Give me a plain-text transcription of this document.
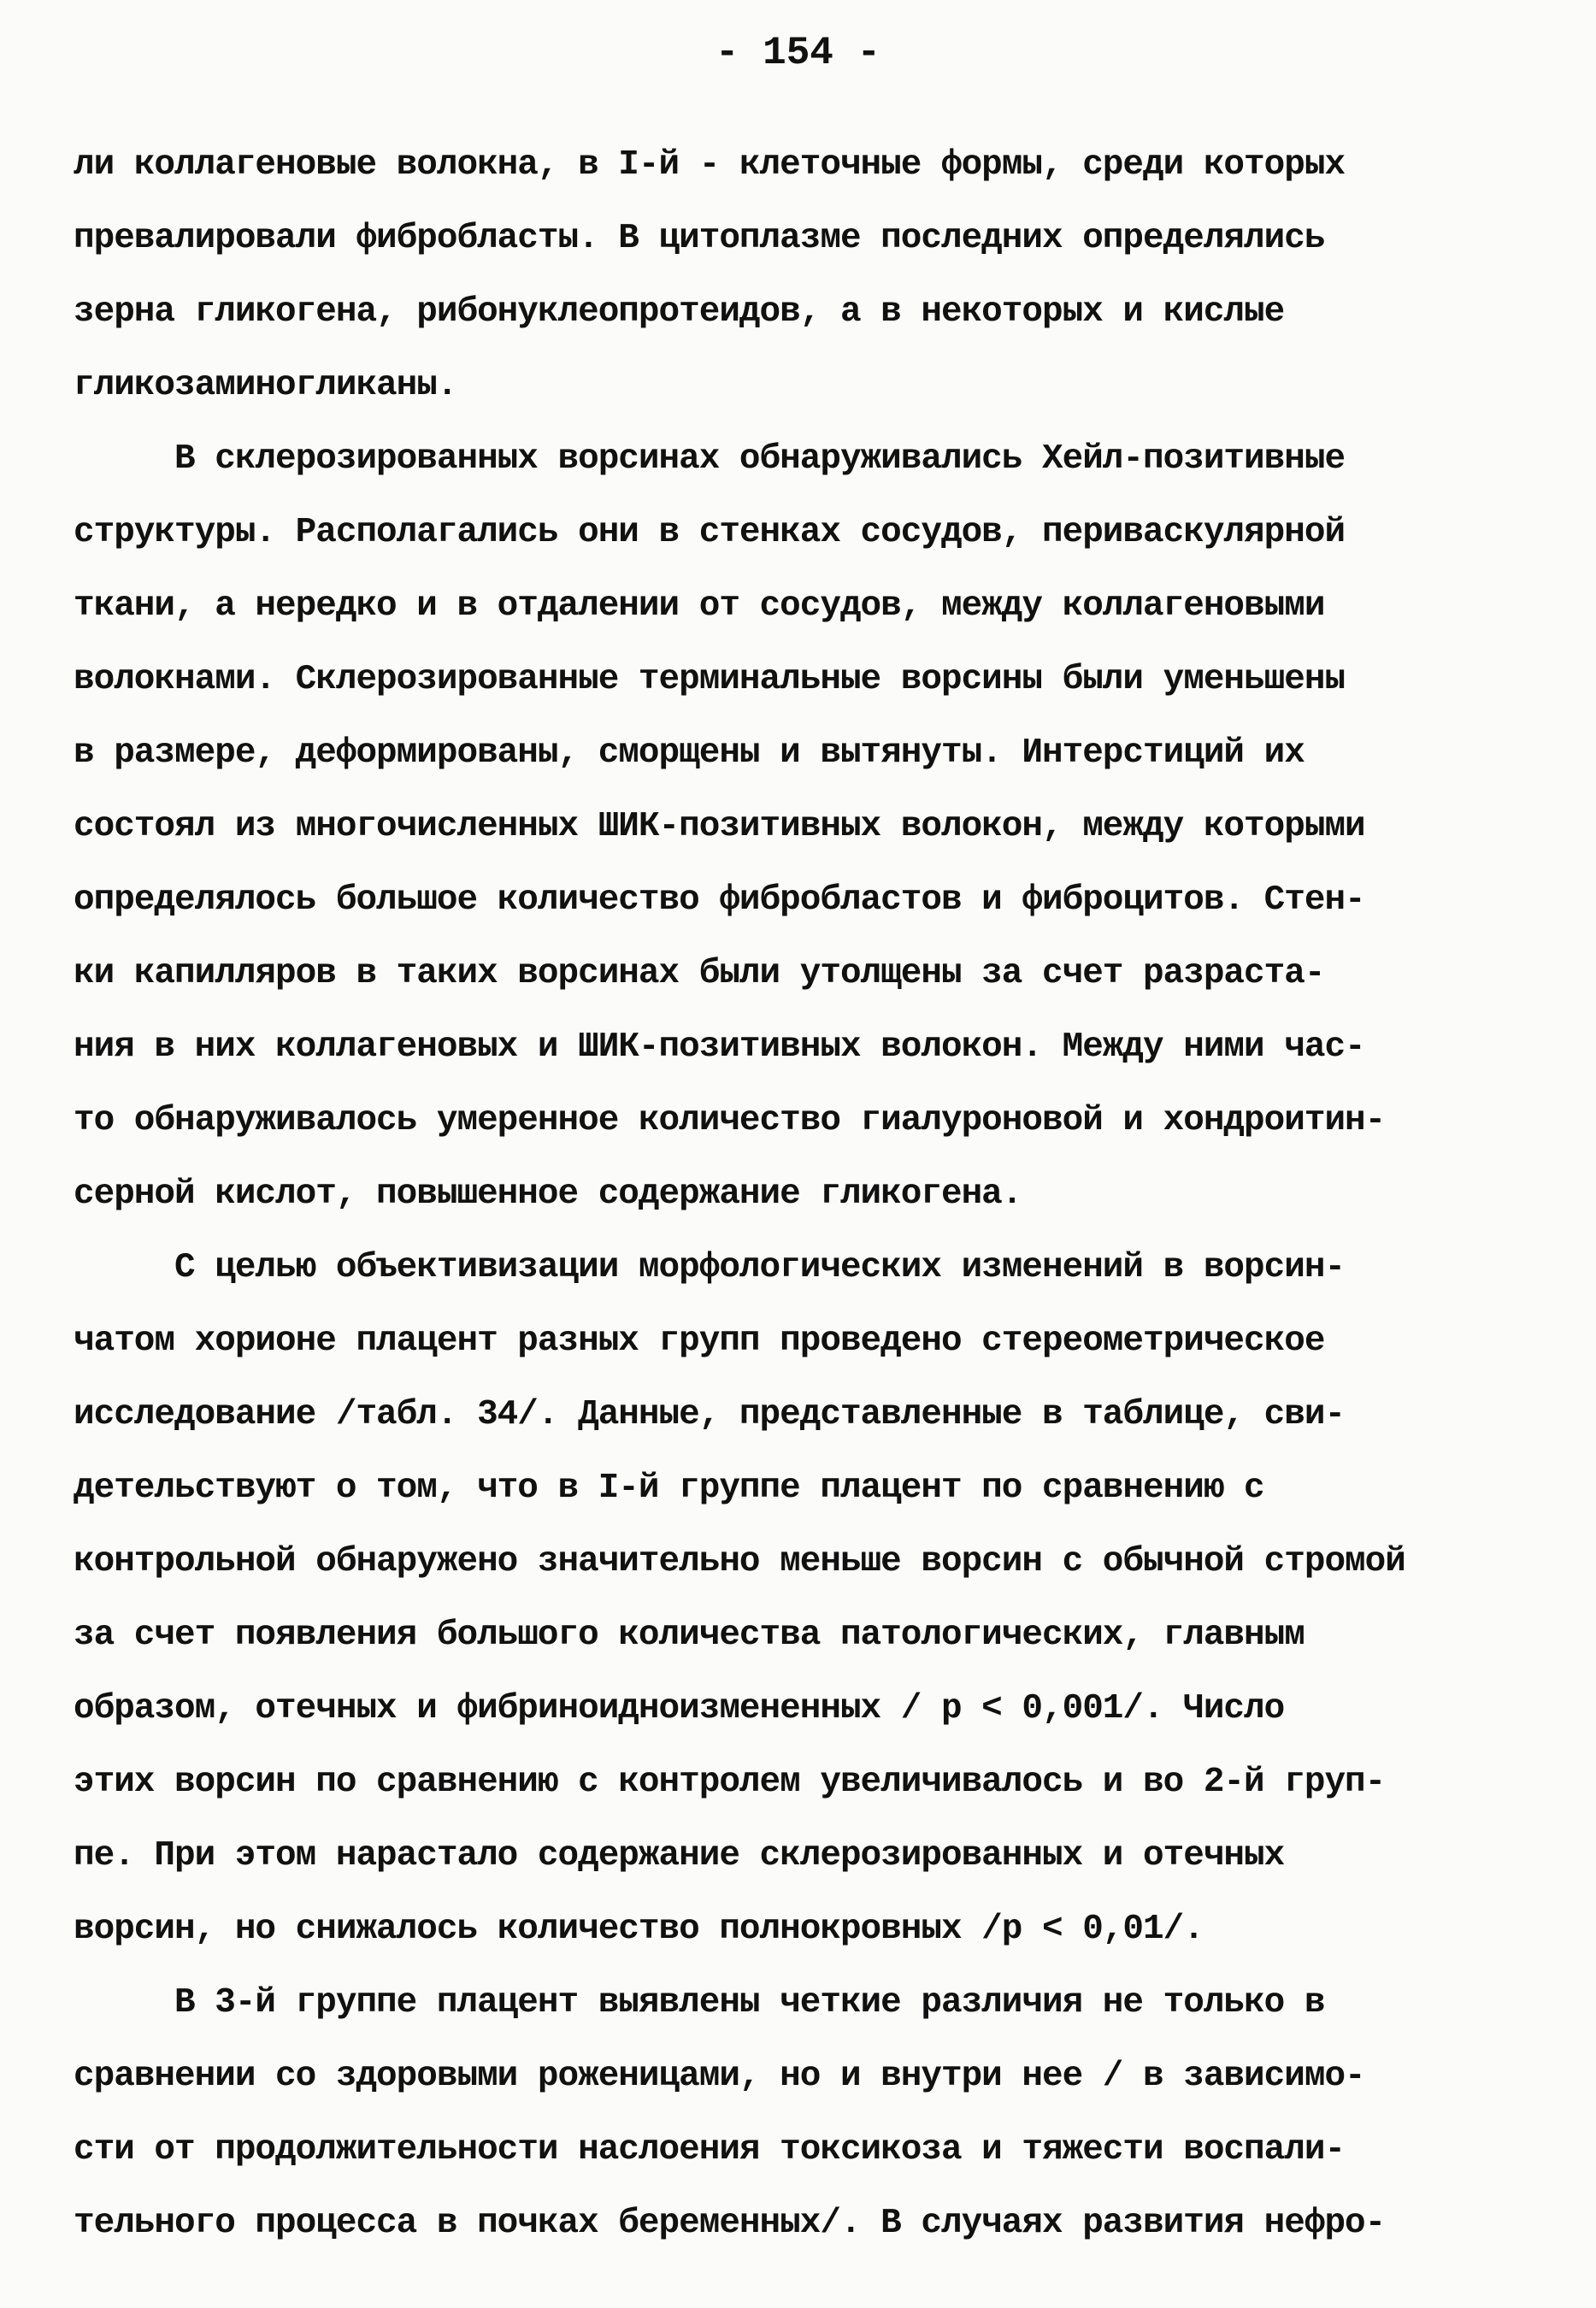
- 154 -
ли коллагеновые волокна, в I-й - клеточные формы, среди которых
превалировали фибробласты. В цитоплазме последних определялись
зерна гликогена, рибонуклеопротеидов, а в некоторых и кислые
гликозаминогликаны.
В склерозированных ворсинах обнаруживались Хейл-позитивные
структуры. Располагались они в стенках сосудов, периваскулярной
ткани, а нередко и в отдалении от сосудов, между коллагеновыми
волокнами. Склерозированные терминальные ворсины были уменьшены
в размере, деформированы, сморщены и вытянуты. Интерстиций их
состоял из многочисленных ШИК-позитивных волокон, между которыми
определялось большое количество фибробластов и фиброцитов. Стен-
ки капилляров в таких ворсинах были утолщены за счет разраста-
ния в них коллагеновых и ШИК-позитивных волокон. Между ними час-
то обнаруживалось умеренное количество гиалуроновой и хондроитин-
серной кислот, повышенное содержание гликогена.
С целью объективизации морфологических изменений в ворсин-
чатом хорионе плацент разных групп проведено стереометрическое
исследование /табл. 34/. Данные, представленные в таблице, сви-
детельствуют о том, что в I-й группе плацент по сравнению с
контрольной обнаружено значительно меньше ворсин с обычной стромой
за счет появления большого количества патологических, главным
образом, отечных и фибриноидноизмененных / p < 0,001/. Число
этих ворсин по сравнению с контролем увеличивалось и во 2-й груп-
пе. При этом нарастало содержание склерозированных и отечных
ворсин, но снижалось количество полнокровных /p < 0,01/.
В 3-й группе плацент выявлены четкие различия не только в
сравнении со здоровыми роженицами, но и внутри нее / в зависимо-
сти от продолжительности наслоения токсикоза и тяжести воспали-
тельного процесса в почках беременных/. В случаях развития нефро-
